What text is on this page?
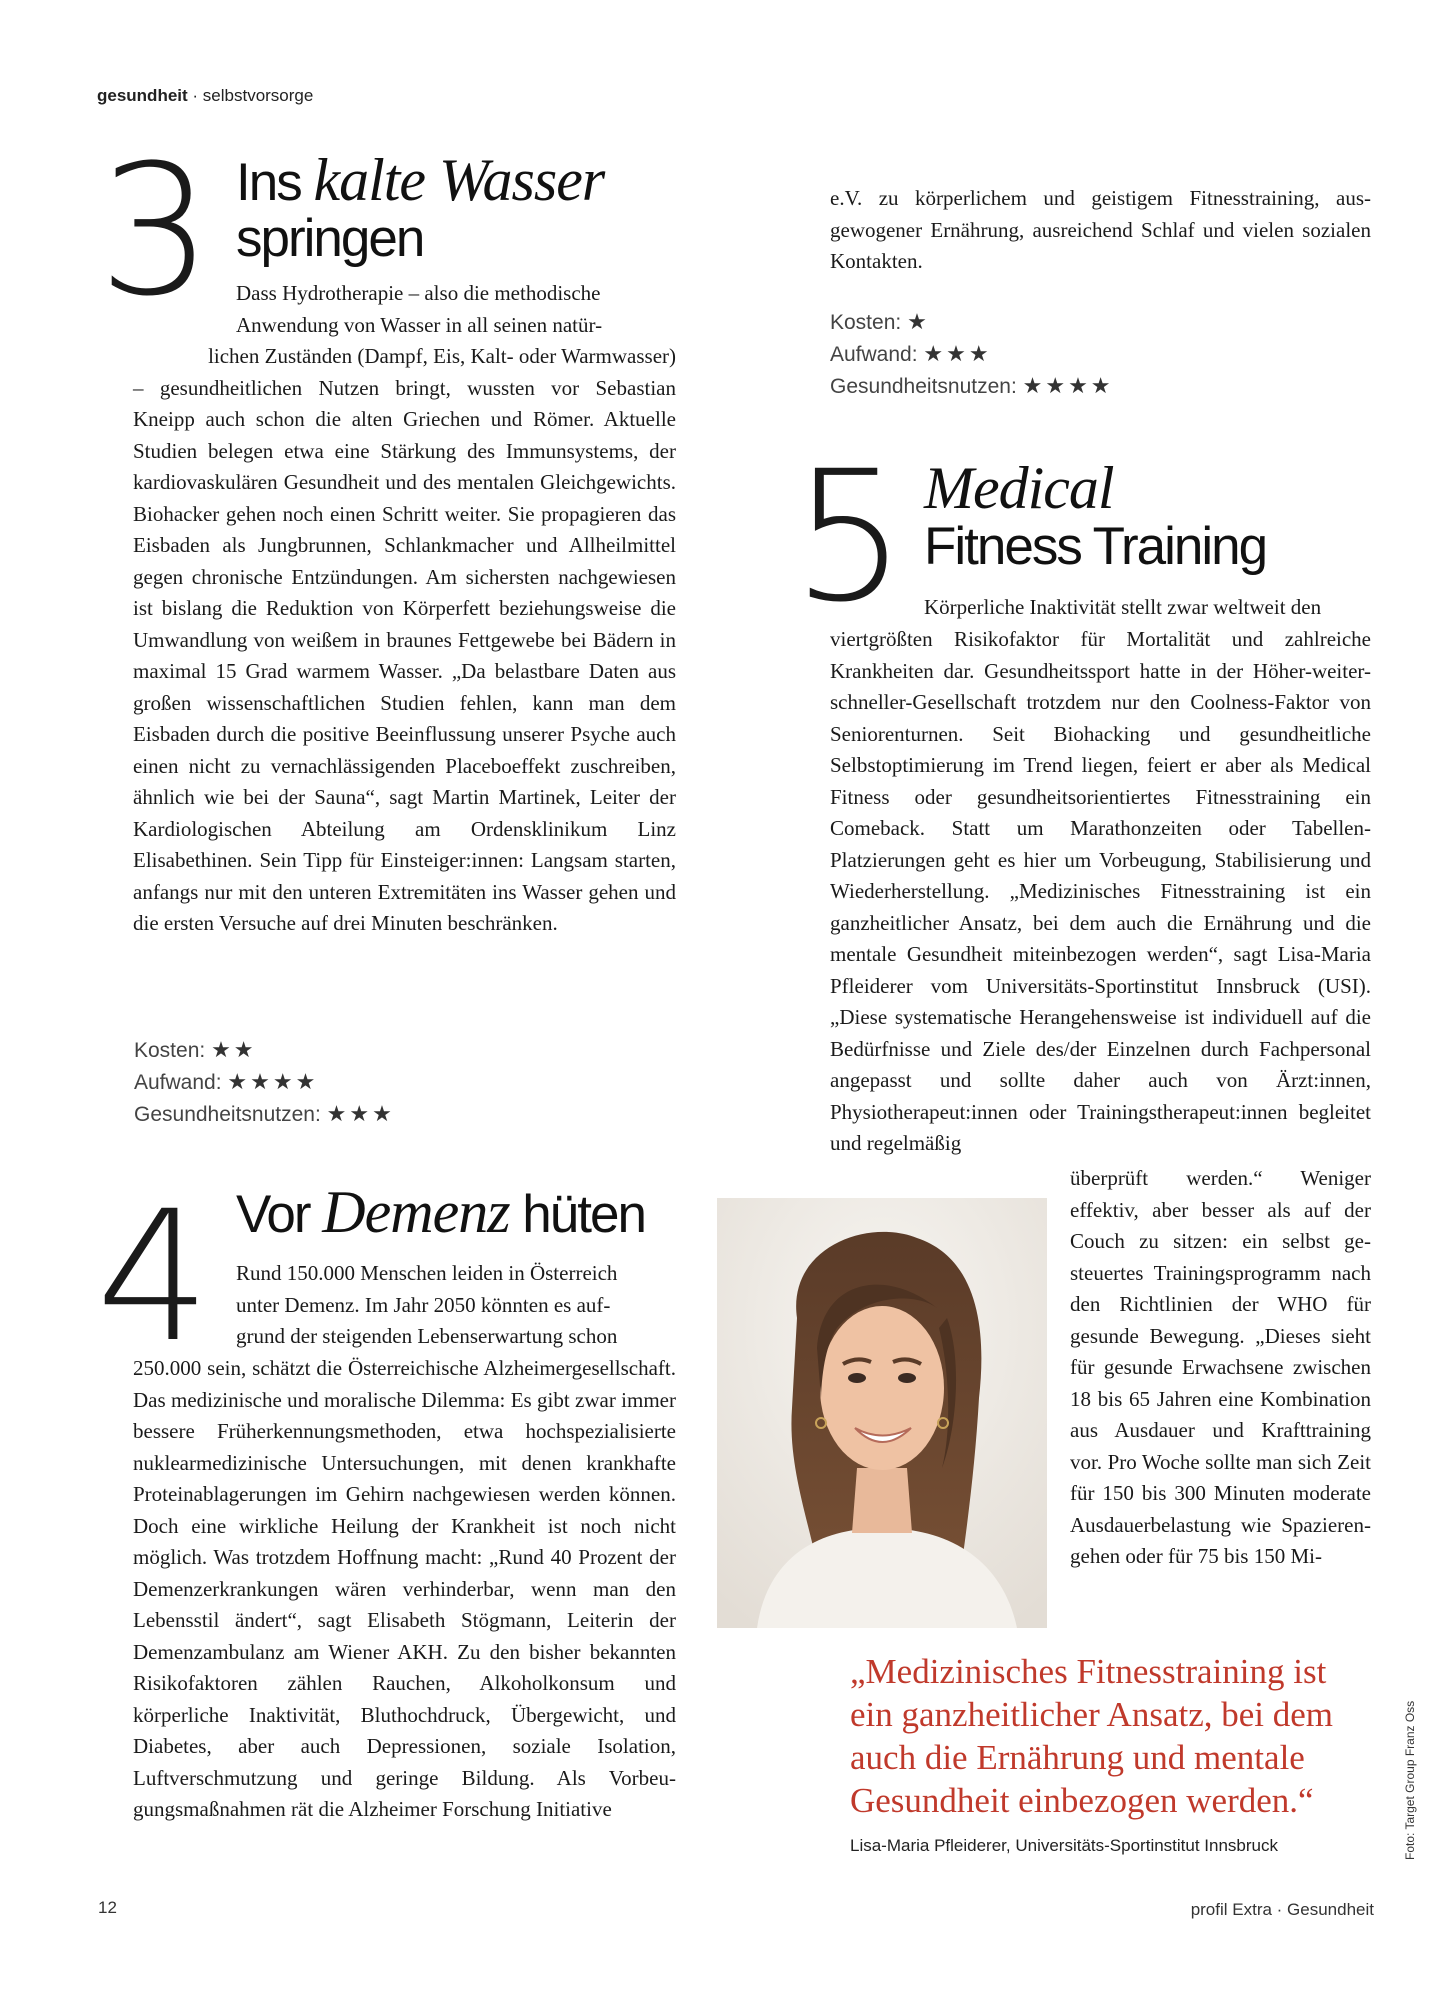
gesundheit · selbstvorsorge
3 Ins kalte Wasser
springen

Dass Hydrotherapie – also die methodische

Anwendung von Wasser in all seinen natür-

lichen Zuständen (Dampf, Eis, Kalt- oder Warmwasser)

– gesundheitlichen Nutzen bringt, wussten vor Sebastian Kneipp auch schon die alten Griechen und Römer. Aktuelle Studien belegen etwa eine Stärkung des Immunsystems, der kardiovaskulären Gesundheit und des mentalen Gleichgewichts. Biohacker gehen noch einen Schritt weiter. Sie propagieren das Eisbaden als Jungbrunnen, Schlankmacher und Allheilmittel gegen chronische Entzündungen. Am sichersten nachgewiesen ist bislang die Reduktion von Körperfett beziehungsweise die Umwandlung von weißem in braunes Fettgewebe bei Bädern in maximal 15 Grad warmem Wasser. „Da belastbare Daten aus großen wissenschaftlichen Studien fehlen, kann man dem Eisbaden durch die positive Beeinflussung unserer Psyche auch einen nicht zu vernachlässigenden Placeboeffekt zuschreiben, ähnlich wie bei der Sauna“, sagt Martin Martinek, Leiter der Kardiologischen Abteilung am Ordensklinikum Linz Elisabethinen. Sein Tipp für Einsteiger:innen: Langsam starten, anfangs nur mit den unteren Extremitäten ins Wasser gehen und die ersten Versuche auf drei Minuten beschränken.

Kosten: ★★
Aufwand: ★★★★
Gesundheitsnutzen: ★★★
4 Vor Demenz hüten

Rund 150.000 Menschen leiden in Österreich

unter Demenz. Im Jahr 2050 könnten es auf-

grund der steigenden Lebenserwartung schon

250.000 sein, schätzt die Österreichische Alzheimergesellschaft. Das medizinische und moralische Dilemma: Es gibt zwar immer bessere Früherkennungsmethoden, etwa hochspezialisierte nuklearmedizinische Untersuchungen, mit denen krankhafte Proteinablagerungen im Gehirn nachgewiesen werden können. Doch eine wirkliche Heilung der Krankheit ist noch nicht möglich. Was trotzdem Hoffnung macht: „Rund 40 Prozent der Demenzerkrankungen wären verhinderbar, wenn man den Lebensstil ändert“, sagt Elisabeth Stögmann, Leiterin der Demenzambulanz am Wiener AKH. Zu den bisher bekannten Risikofaktoren zählen Rauchen, Alkoholkonsum und körperliche Inaktivität, Bluthochdruck, Übergewicht, und Diabetes, aber auch Depressionen, soziale Isolation, Luftverschmutzung und geringe Bildung. Als Vorbeugungsmaßnahmen rät die Alzheimer Forschung Initiative

e.V. zu körperlichem und geistigem Fitnesstraining, ausgewogener Ernährung, ausreichend Schlaf und vielen sozialen Kontakten.

Kosten: ★
Aufwand: ★★★
Gesundheitsnutzen: ★★★★
5 Medical
Fitness Training

Körperliche Inaktivität stellt zwar weltweit den

viertgrößten Risikofaktor für Mortalität und zahlreiche Krankheiten dar. Gesundheitssport hatte in der Höher-weiter-schneller-Gesellschaft trotzdem nur den Coolness-Faktor von Seniorenturnen. Seit Biohacking und gesundheitliche Selbstoptimierung im Trend liegen, feiert er aber als Medical Fitness oder gesundheitsorientiertes Fitnesstraining ein Comeback. Statt um Marathonzeiten oder Tabellen-Platzierungen geht es hier um Vorbeugung, Stabilisierung und Wiederherstellung. „Medizinisches Fitnesstraining ist ein ganzheitlicher Ansatz, bei dem auch die Ernährung und die mentale Gesundheit miteinbezogen werden“, sagt Lisa-Maria Pfleiderer vom Universitäts-Sportinstitut Innsbruck (USI). „Diese systematische Herangehensweise ist individuell auf die Bedürfnisse und Ziele des/der Einzelnen durch Fachpersonal angepasst und sollte daher auch von Ärzt:innen, Physiotherapeut:innen oder Trainingstherapeut:innen begleitet und regelmäßig

überprüft werden.“ Weniger effektiv, aber besser als auf der Couch zu sitzen: ein selbst gesteuertes Trainingsprogramm nach den Richtlinien der WHO für gesunde Bewegung. „Dieses sieht für gesunde Erwachsene zwischen 18 bis 65 Jahren eine Kombination aus Ausdauer und Krafttraining vor. Pro Woche sollte man sich Zeit für 150 bis 300 Minuten moderate Ausdauerbelastung wie Spazierengehen oder für 75 bis 150 Mi-

„Medizinisches Fitnesstraining ist ein ganzheitlicher Ansatz, bei dem auch die Ernährung und mentale Gesundheit einbezogen werden.“
Lisa-Maria Pfleiderer, Universitäts-Sportinstitut Innsbruck	Foto: Target Group Franz Oss
12	profil Extra · Gesundheit
